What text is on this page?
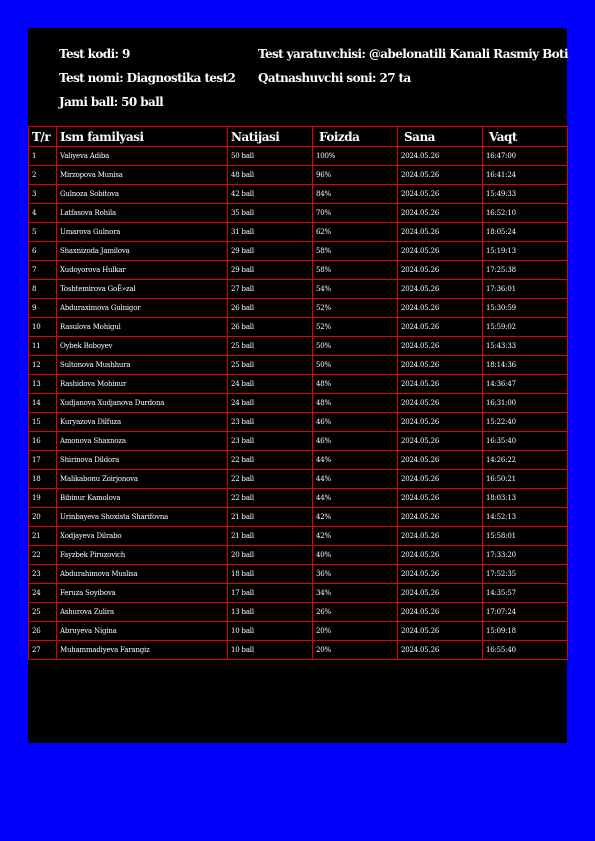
Test kodi: 9	Test yaratuvchisi: @abelonatili Kanali Rasmiy Boti
Test nomi: Diagnostika test2 Qatnashuvchi soni: 27 ta
Jami ball: 50 ball
T/r	Ism familyasi	Natijasi	Foizda	Sana	Vaqt
1	Valiyeva Adiba	50 ball	100%	2024.05.26	16:47:00
2	Mirzopova Munisa	48 ball	96%	2024.05.26	16:41:24
3	Gulnoza Sobitova	42 ball	84%	2024.05.26	15:49:33
4	Latfasova Rohila	35 ball	70%	2024.05.26	16:52:10
5	Umarova Gulnora	31 ball	62%	2024.05.26	18:05:24
6	Shaxnizoda Jamilova	29 ball	58%	2024.05.26	15:19:13
7	Xudoyorova Hulkar	29 ball	58%	2024.05.26	17:25:38
8	Toshtemirova GoÊ»zal	27 ball	54%	2024.05.26	17:36:01
9	Abduraximova Gulnigor	26 ball	52%	2024.05.26	15:30:59
10	Rasulova Mohigul	26 ball	52%	2024.05.26	15:59:02
11	Oybek Boboyev	25 ball	50%	2024.05.26	15:43:33
12	Sultonova Mushhura	25 ball	50%	2024.05.26	18:14:36
13	Rashidova Mohinur	24 ball	48%	2024.05.26	14:36:47
14	Xudjanova Xudjanova Durdona	24 ball	48%	2024.05.26	16:31:00
15	Kuryazova Dilfuza	23 ball	46%	2024.05.26	15:22:40
16	Amonova Shaxnoza	23 ball	46%	2024.05.26	16:35:40
17	Shirinova Dildora	22 ball	44%	2024.05.26	14:26:22
18	Malikabonu Zoirjonova	22 ball	44%	2024.05.26	16:50:21
19	Bibinur Kamolova	22 ball	44%	2024.05.26	18:03:13
20	Urinbayeva Shoxista Sharifovna	21 ball	42%	2024.05.26	14:52:13
21	Xodjayeva Dilrabo	21 ball	42%	2024.05.26	15:58:01
22	Fayzbek Piruzovich	20 ball	40%	2024.05.26	17:33:20
23	Abdurahimova Muslisa	18 ball	36%	2024.05.26	17:52:35
24	Feruza Soyibova	17 ball	34%	2024.05.26	14:35:57
25	Ashurova Zulira	13 ball	26%	2024.05.26	17:07:24
26	Abruyeva Nigina	10 ball	20%	2024.05.26	15:09:18
27	Muhammadiyeva Farangiz	10 ball	20%	2024.05.26	16:55:40
